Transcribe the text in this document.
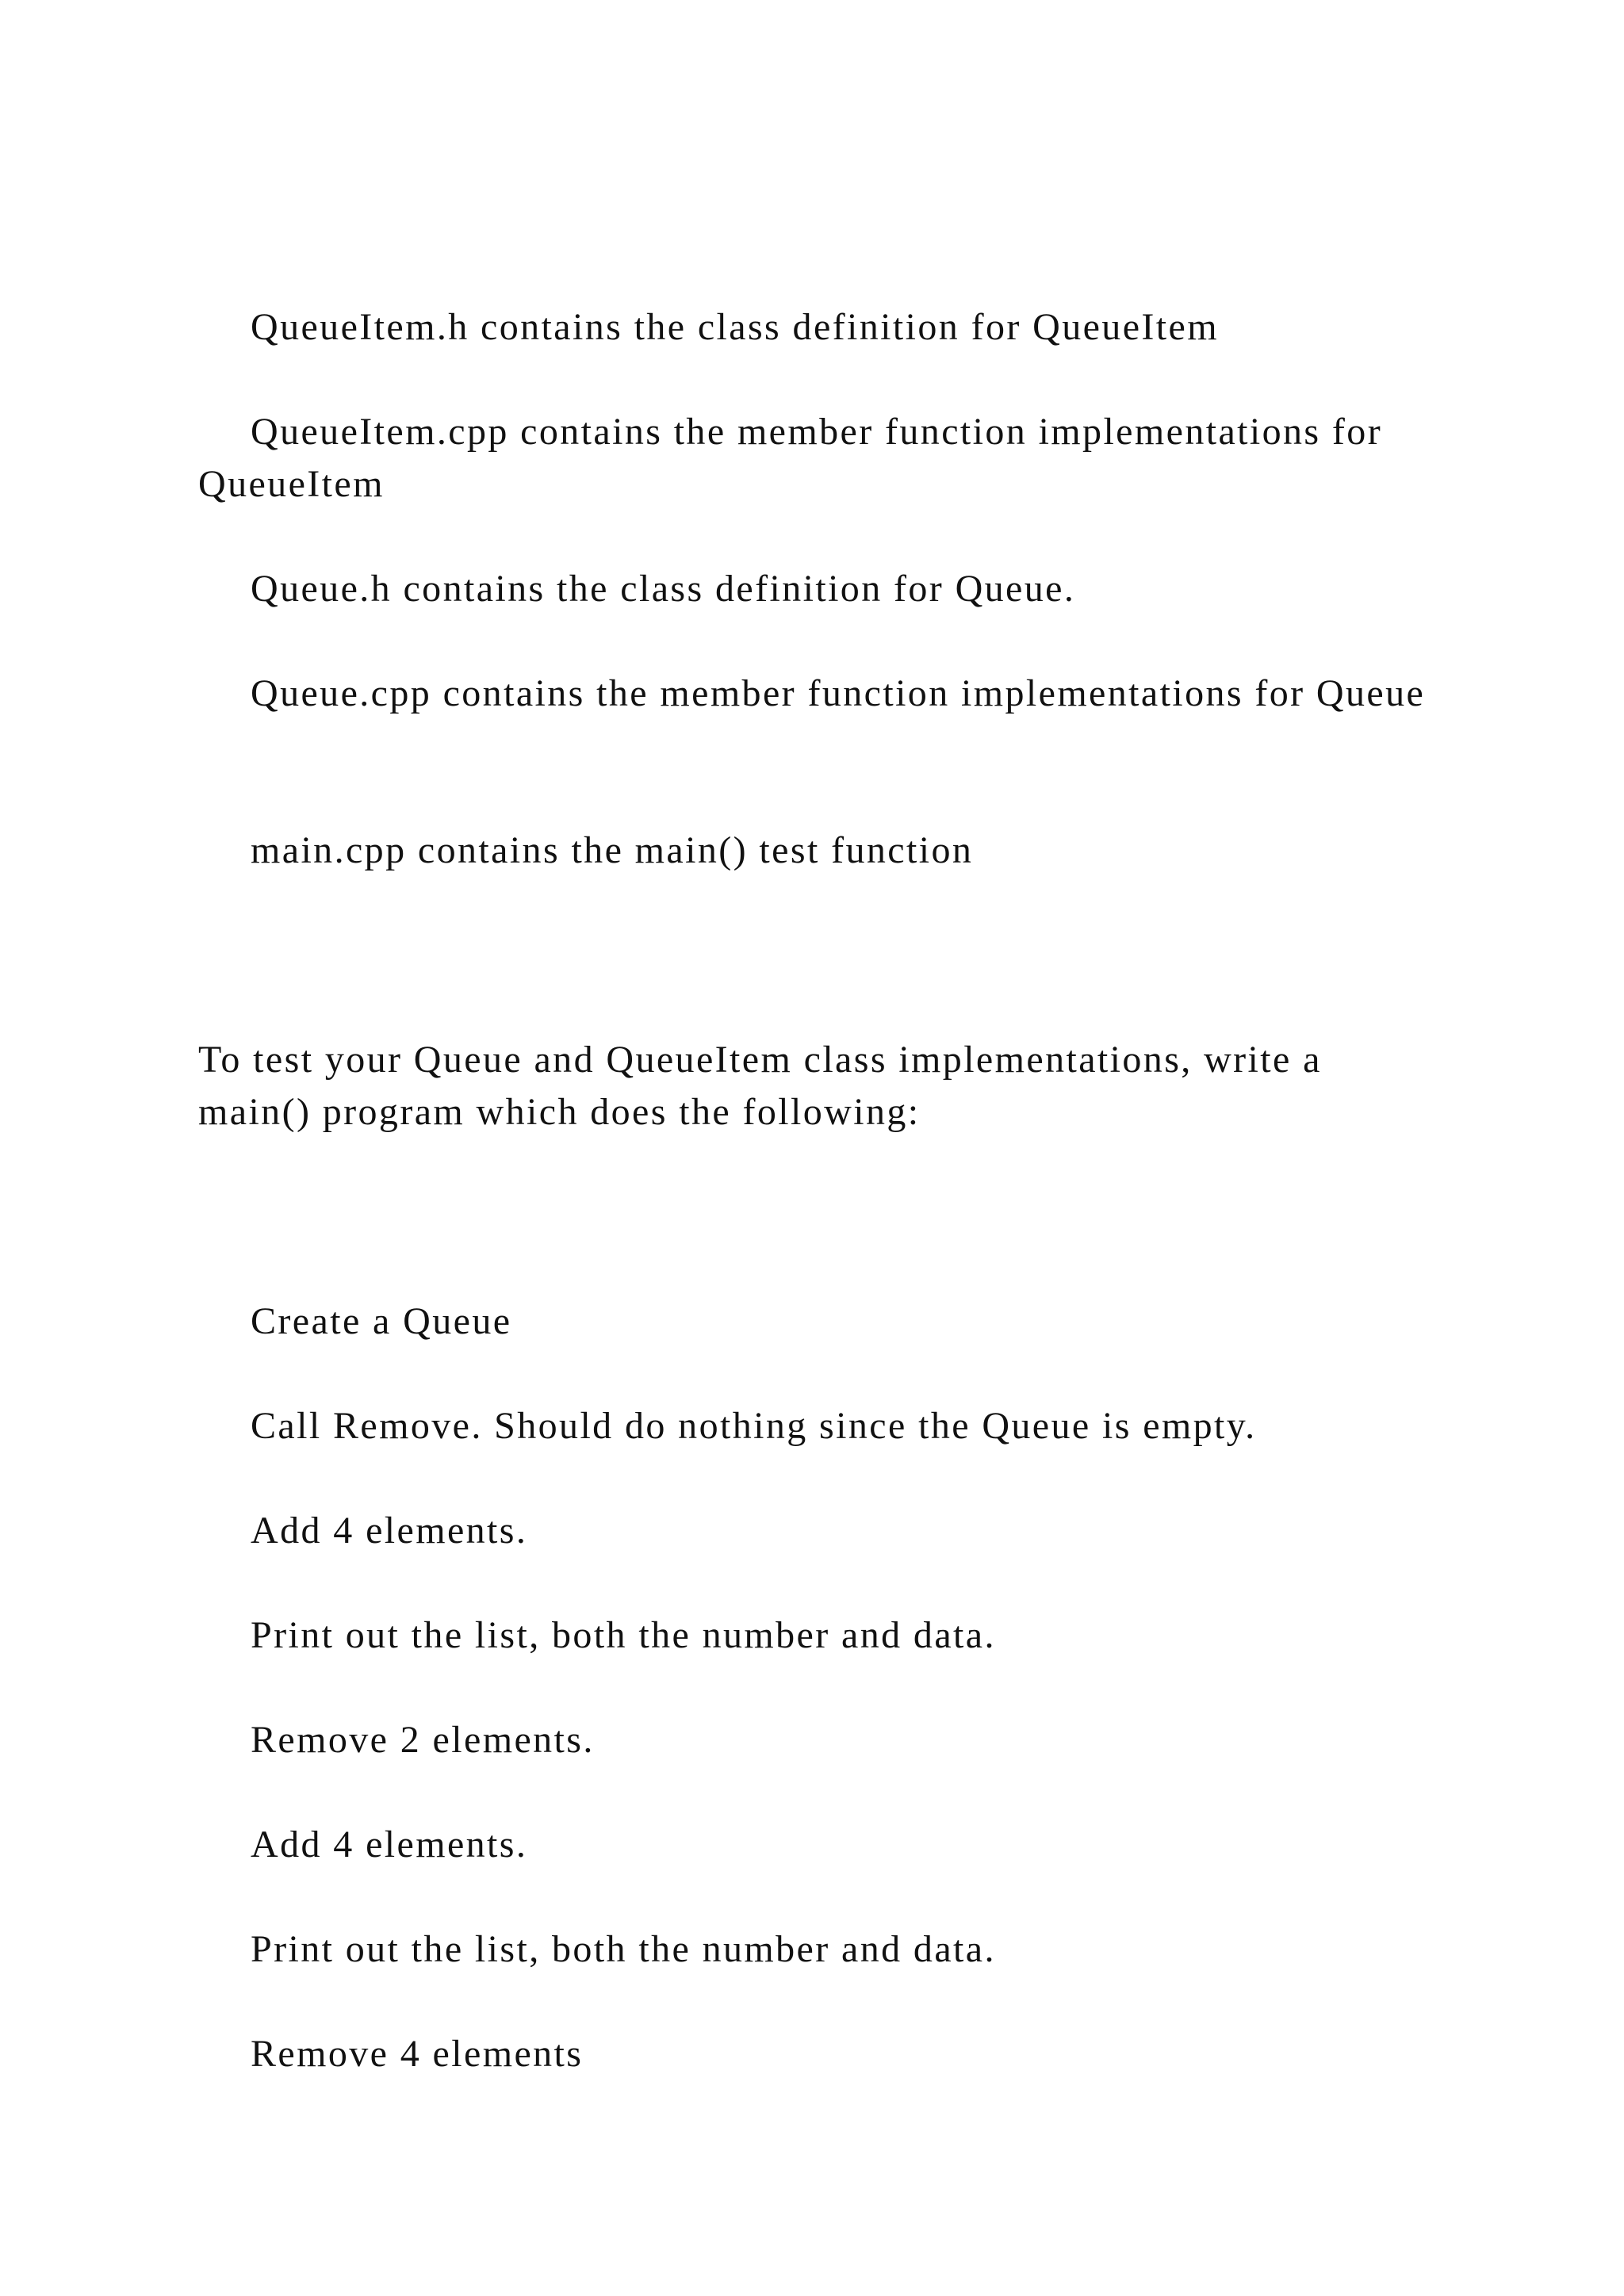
QueueItem.h contains the class definition for QueueItem

QueueItem.cpp contains the member function implementations for QueueItem

Queue.h contains the class definition for Queue.

Queue.cpp contains the member function implementations for Queue

main.cpp contains the main() test function

To test your Queue and QueueItem class implementations, write a main() program which does the following:

Create a Queue

Call Remove. Should do nothing since the Queue is empty.

Add 4 elements.

Print out the list, both the number and data.

Remove 2 elements.

Add 4 elements.

Print out the list, both the number and data.

Remove 4 elements
